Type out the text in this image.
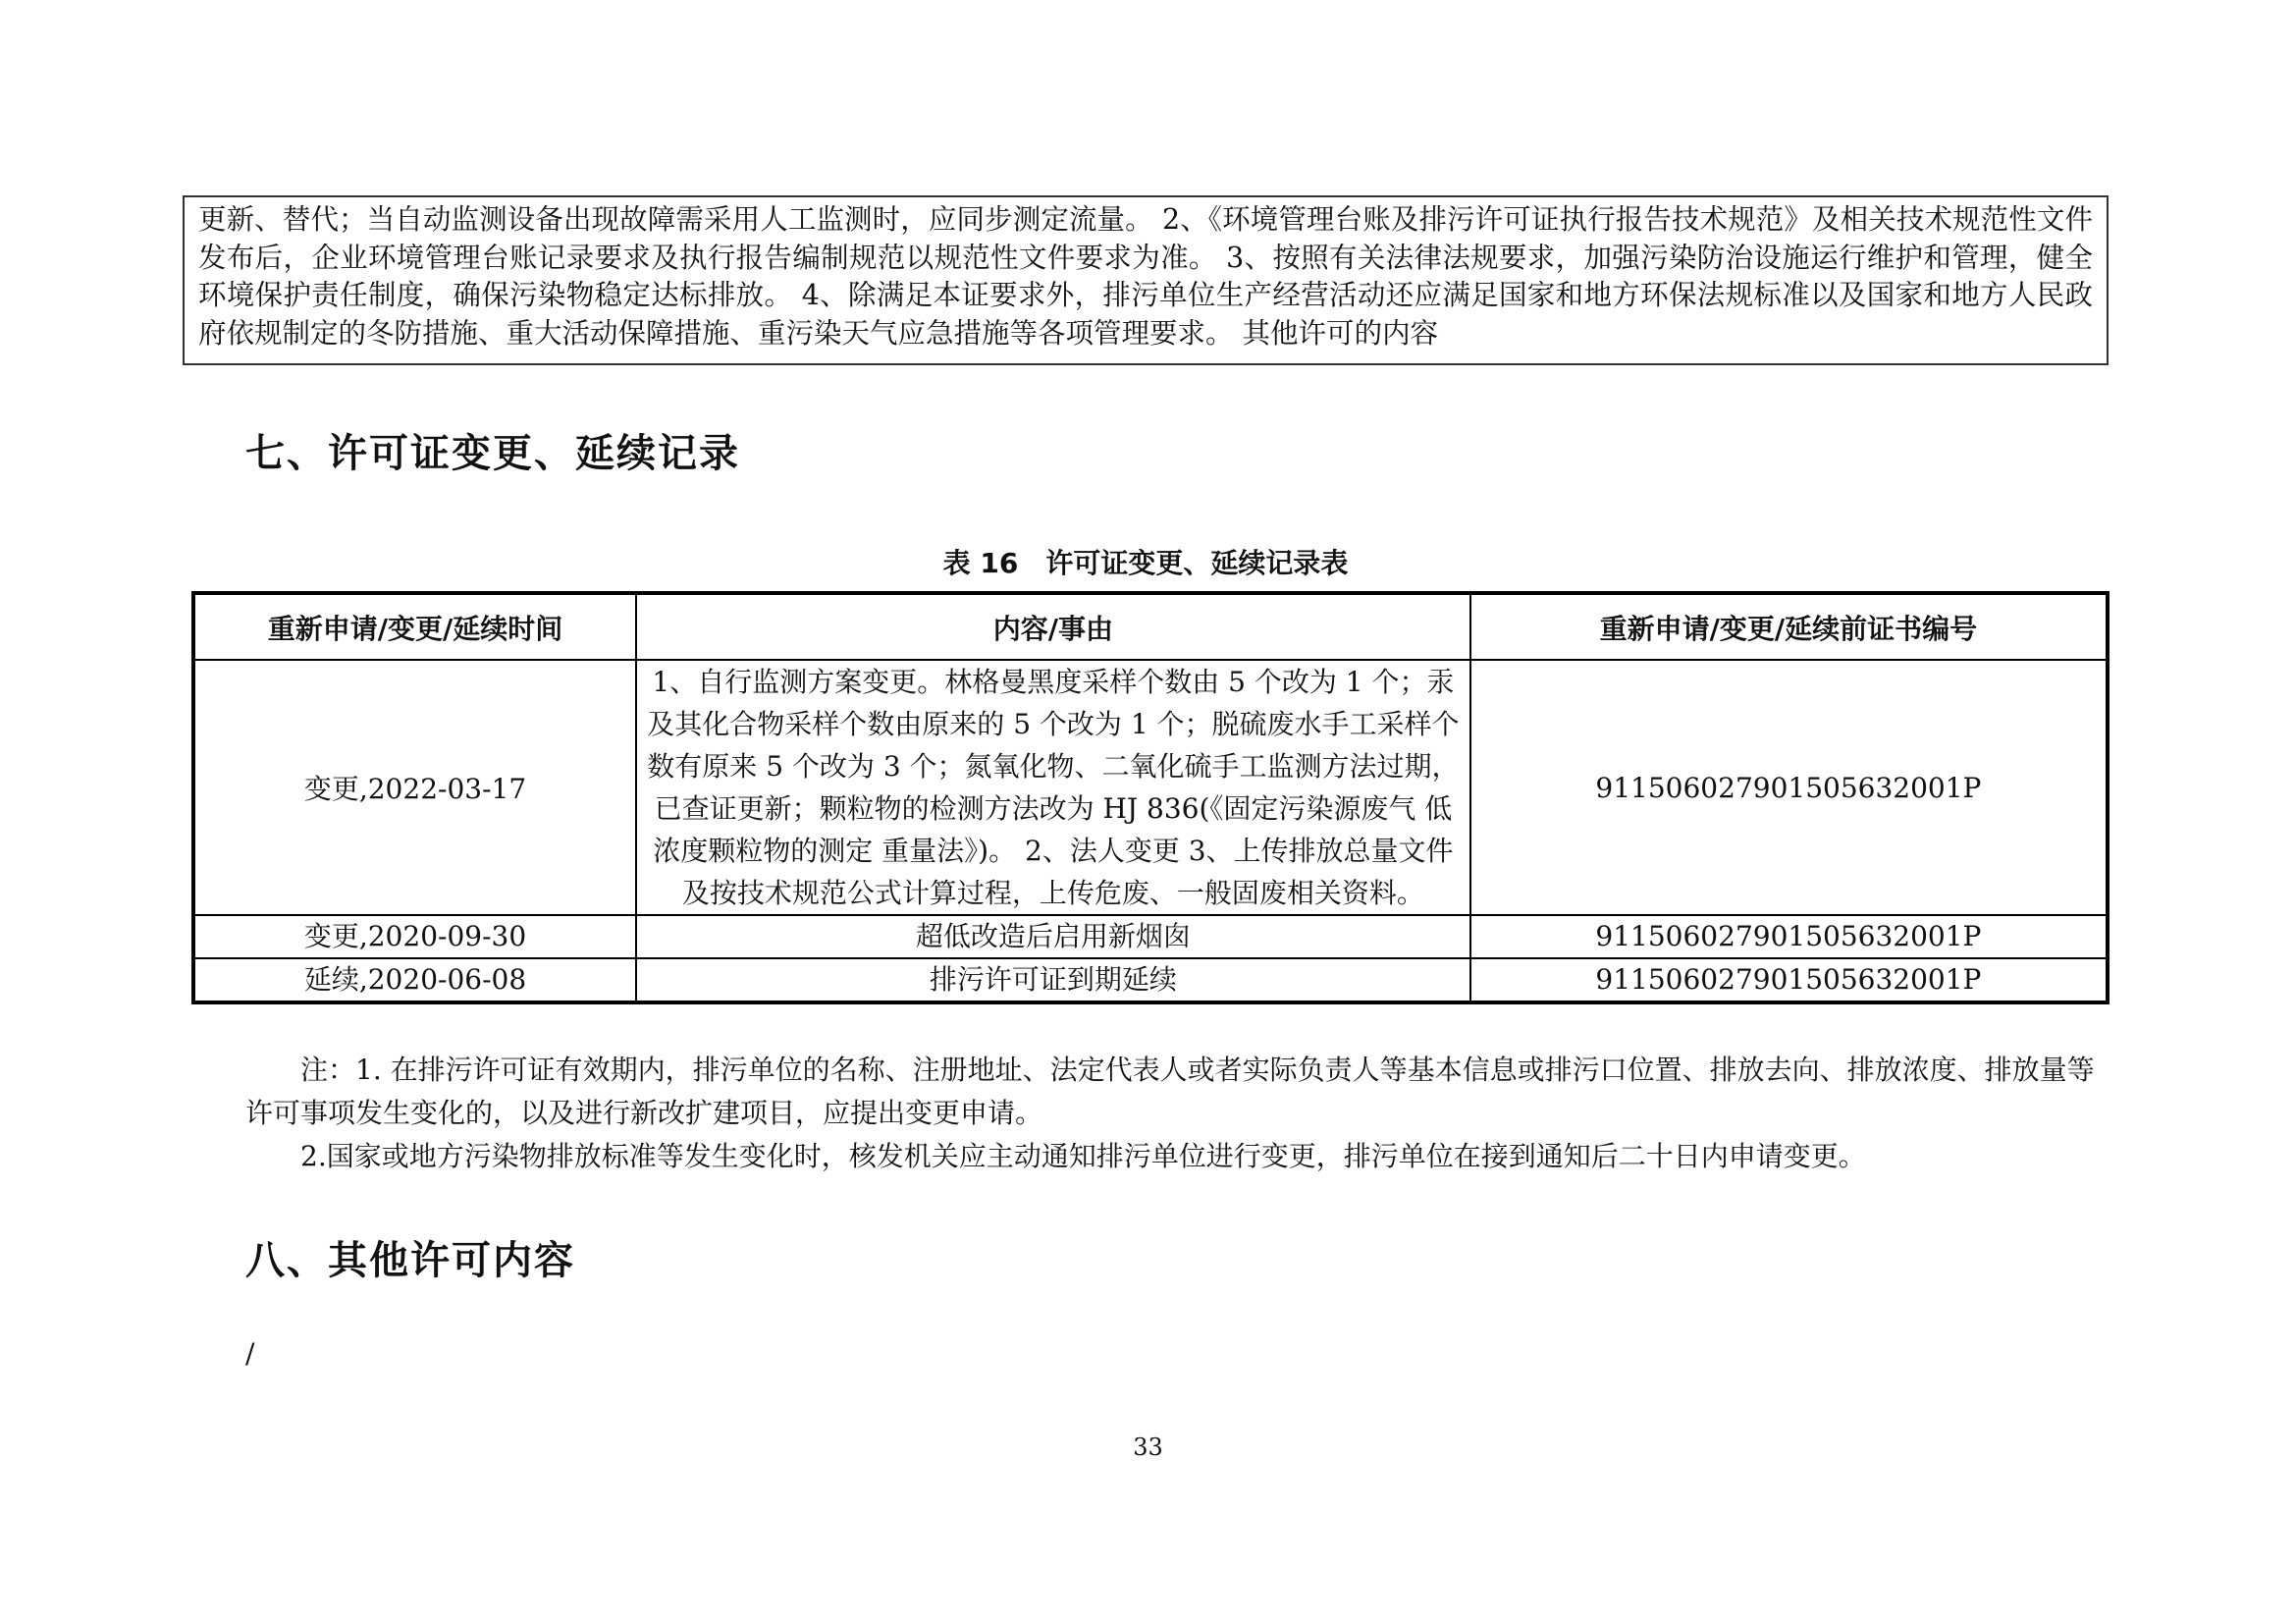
更新、替代；当自动监测设备出现故障需采用人工监测时，应同步测定流量。 2、《环境管理台账及排污许可证执行报告技术规范》及相关技术规范性文件发布后，企业环境管理台账记录要求及执行报告编制规范以规范性文件要求为准。 3、按照有关法律法规要求，加强污染防治设施运行维护和管理，健全环境保护责任制度，确保污染物稳定达标排放。 4、除满足本证要求外，排污单位生产经营活动还应满足国家和地方环保法规标准以及国家和地方人民政府依规制定的冬防措施、重大活动保障措施、重污染天气应急措施等各项管理要求。 其他许可的内容
七、许可证变更、延续记录
表 16　许可证变更、延续记录表
重新申请/变更/延续时间	内容/事由	重新申请/变更/延续前证书编号
变更,2022-03-17	1、自行监测方案变更。林格曼黑度采样个数由 5 个改为 1 个；汞及其化合物采样个数由原来的 5 个改为 1 个；脱硫废水手工采样个数有原来 5 个改为 3 个；氮氧化物、二氧化硫手工监测方法过期，已查证更新；颗粒物的检测方法改为 HJ 836(《固定污染源废气 低浓度颗粒物的测定 重量法》)。 2、法人变更 3、上传排放总量文件及按技术规范公式计算过程，上传危废、一般固废相关资料。	91150602790150563200​1P
变更,2020-09-30	超低改造后启用新烟囱	91150602790150563200​1P
延续,2020-06-08	排污许可证到期延续	91150602790150563200​1P
注：1. 在排污许可证有效期内，排污单位的名称、注册地址、法定代表人或者实际负责人等基本信息或排污口位置、排放去向、排放浓度、排放量等许可事项发生变化的，以及进行新改扩建项目，应提出变更申请。
2.国家或地方污染物排放标准等发生变化时，核发机关应主动通知排污单位进行变更，排污单位在接到通知后二十日内申请变更。
八、其他许可内容
/
33
